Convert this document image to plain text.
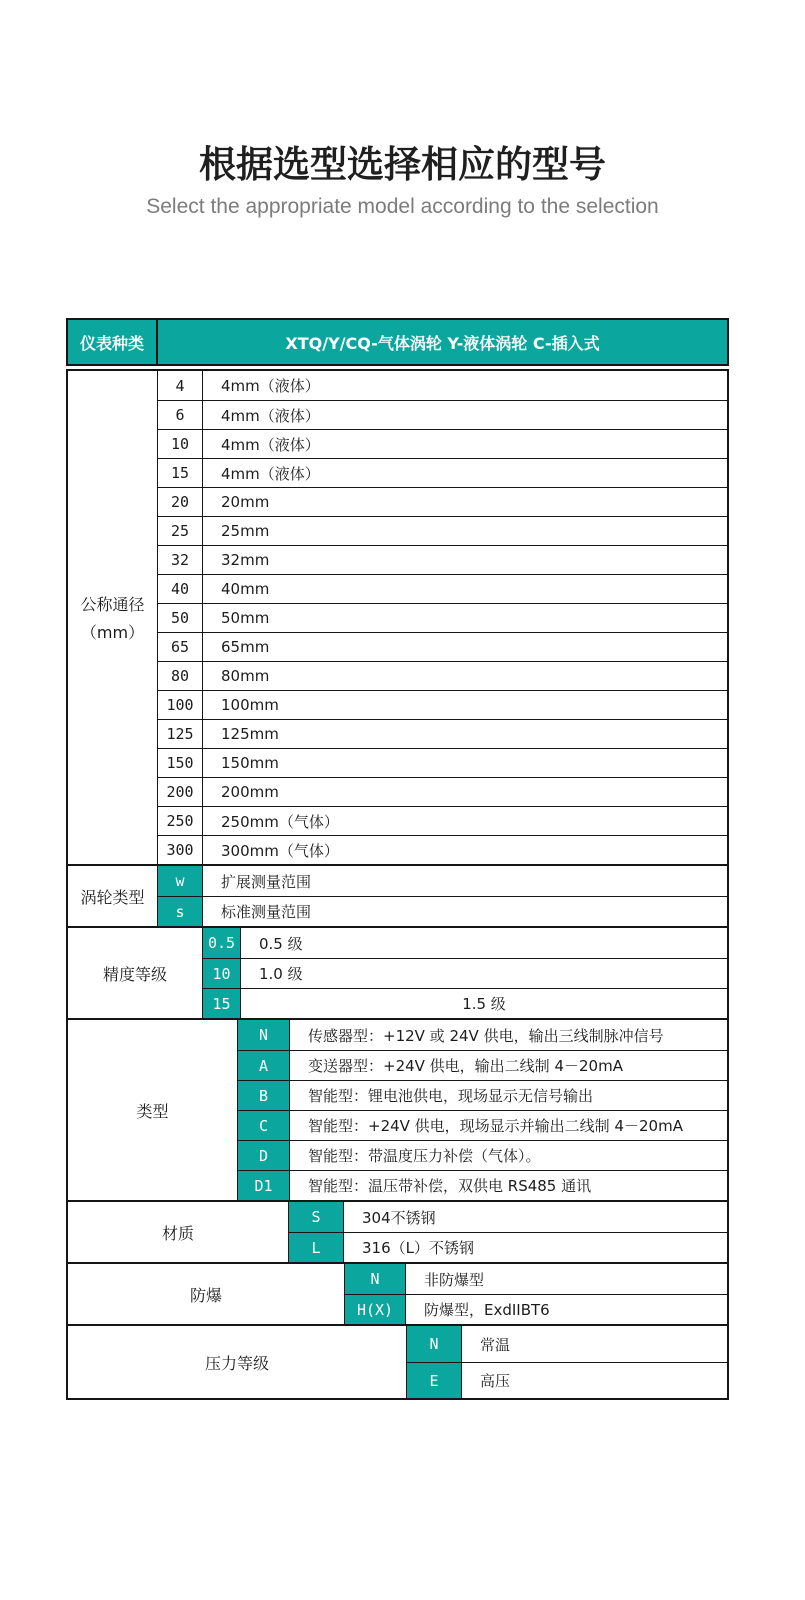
根据选型选择相应的型号

Select the appropriate model according to the selection

仪表种类	XTQ/Y/CQ-气体涡轮 Y-液体涡轮 C-插入式
公称通径
（mm）
4	4mm（液体）
6	4mm（液体）
10	4mm（液体）
15	4mm（液体）
20	20mm
25	25mm
32	32mm
40	40mm
50	50mm
65	65mm
80	80mm
100	100mm
125	125mm
150	150mm
200	200mm
250	250mm（气体）
300	300mm（气体）
涡轮类型
w	扩展测量范围
s	标准测量范围
精度等级
0.5	0.5 级
10	1.0 级
15	1.5 级
类型
N	传感器型：+12V 或 24V 供电，输出三线制脉冲信号
A	变送器型：+24V 供电，输出二线制 4－20mA
B	智能型：锂电池供电，现场显示无信号输出
C	智能型：+24V 供电，现场显示并输出二线制 4－20mA
D	智能型：带温度压力补偿（气体）。
D1	智能型：温压带补偿，双供电 RS485 通讯
材质
S	304不锈钢
L	316（L）不锈钢
防爆
N	非防爆型
H(X)	防爆型，ExdIIBT6
压力等级
N	常温
E	高压
